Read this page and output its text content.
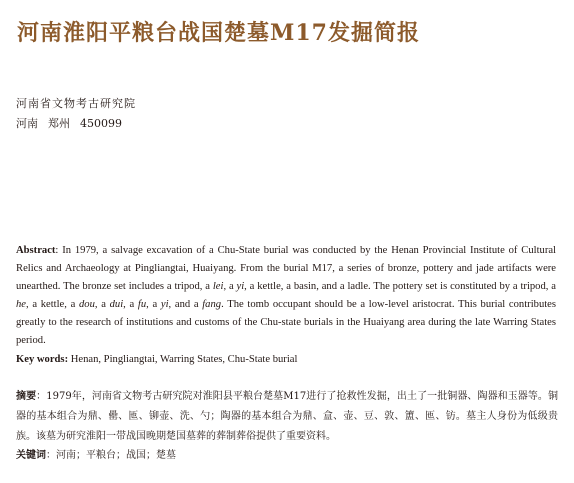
河南淮阳平粮台战国楚墓M17发掘简报
河南省文物考古研究院
河南 郑州 450099

Abstract: In 1979, a salvage excavation of a Chu-State burial was conducted by the Henan Provincial Institute of Cultural Relics and Archaeology at Pingliangtai, Huaiyang. From the burial M17, a series of bronze, pottery and jade artifacts were unearthed. The bronze set includes a tripod, a lei, a yi, a kettle, a basin, and a ladle. The pottery set is constituted by a tripod, a he, a kettle, a dou, a dui, a fu, a yi, and a fang. The tomb occupant should be a low-level aristocrat. This burial contributes greatly to the research of institutions and customs of the Chu-state burials in the Huaiyang area during the late Warring States period.

Key words: Henan, Pingliangtai, Warring States, Chu-State burial

摘要：1979年，河南省文物考古研究院对淮阳县平粮台楚墓M17进行了抢救性发掘，出土了一批铜器、陶器和玉器等。铜器的基本组合为鼎、罍、匜、铆壶、洗、勺；陶器的基本组合为鼎、盒、壶、豆、敦、簠、匜、钫。墓主人身份为低级贵族。该墓为研究淮阳一带战国晚期楚国墓葬的葬制葬俗提供了重要资料。

关键词：河南；平粮台；战国；楚墓
